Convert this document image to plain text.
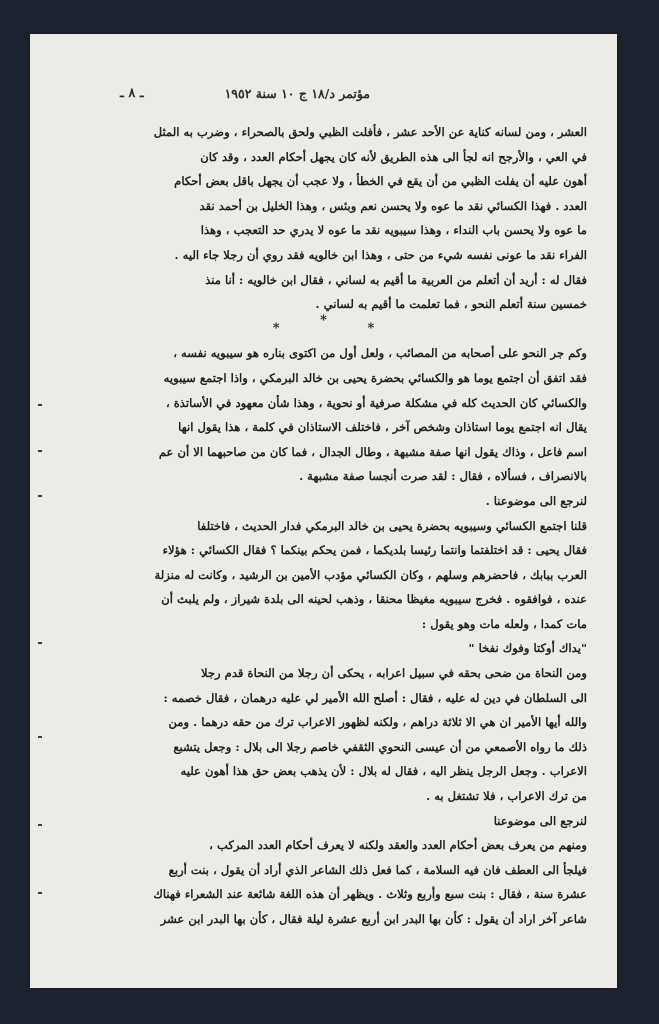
مؤتمر د/١٨ ج ١٠ سنة ١٩٥٢
ـ ٨ ـ
العشر ، ومن لسانه كناية عن الأحد عشر ، فأفلت الظبي ولحق بالصحراء ، وضرب به المثل
في العي ، والأرجح انه لجأ الى هذه الطريق لأنه كان يجهل أحكام العدد ، وقد كان
أهون عليه أن يفلت الظبي من أن يقع في الخطأ ، ولا عجب أن يجهل باقل بعض أحكام
العدد . فهذا الكسائي نقد ما عوه ولا يحسن نعم وبئس ، وهذا الخليل بن أحمد نقد
ما عوه ولا يحسن باب النداء ، وهذا سيبويه نقد ما عوه لا يدري حد التعجب ، وهذا
الفراء نقد ما عونى نفسه شيء من حتى ، وهذا ابن خالويه فقد روي أن رجلا جاء اليه .
فقال له : أريد أن أتعلم من العربية ما أقيم به لساني ، فقال ابن خالويه : أنا منذ
خمسين سنة أتعلم النحو ، فما تعلمت ما أقيم به لساني .
* * *
وكم جر النحو على أصحابه من المصائب ، ولعل أول من اكتوى بناره هو سيبويه نفسه ،
فقد اتفق أن اجتمع يوما هو والكسائي بحضرة يحيى بن خالد البرمكي ، واذا اجتمع سيبويه
والكسائي كان الحديث كله في مشكلة صرفية أو نحوية ، وهذا شأن معهود في الأساتذة ،
يقال انه اجتمع يوما استاذان وشخص آخر ، فاختلف الاستاذان في كلمة ، هذا يقول انها
اسم فاعل ، وذاك يقول انها صفة مشبهة ، وطال الجدال ، فما كان من صاحبهما الا أن عم
بالانصراف ، فسألاه ، فقال : لقد صرت أنجسا صفة مشبهة .
لنرجع الى موضوعنا .
قلنا اجتمع الكسائي وسيبويه بحضرة يحيى بن خالد البرمكي فدار الحديث ، فاختلفا
فقال يحيى : قد اختلفتما وانتما رئيسا بلديكما ، فمن يحكم بينكما ؟ فقال الكسائي : هؤلاء
العرب ببابك ، فاحضرهم وسلهم ، وكان الكسائي مؤدب الأمين بن الرشيد ، وكانت له منزلة
عنده ، فوافقوه . فخرج سيبويه مغيظا محنقا ، وذهب لحينه الى بلدة شيراز ، ولم يلبث أن
مات كمدا ، ولعله مات وهو يقول :
"يداك أوكتا وفوك نفخا "
ومن النحاة من ضحى بحقه في سبيل اعرابه ، يحكى أن رجلا من النحاة قدم رجلا
الى السلطان في دين له عليه ، فقال : أصلح الله الأمير لي عليه درهمان ، فقال خصمه :
والله أيها الأمير ان هي الا ثلاثة دراهم ، ولكنه لظهور الاعراب ترك من حقه درهما . ومن
ذلك ما رواه الأصمعي من أن عيسى النحوي الثقفي خاصم رجلا الى بلال : وجعل يتشبع
الاعراب . وجعل الرجل ينظر اليه ، فقال له بلال : لأن يذهب بعض حق هذا أهون عليه
من ترك الاعراب ، فلا تشتغل به .
لنرجع الى موضوعنا
ومنهم من يعرف بعض أحكام العدد والعقد ولكنه لا يعرف أحكام العدد المركب ،
فيلجأ الى العطف فان فيه السلامة ، كما فعل ذلك الشاعر الذي أراد أن يقول ، بنت أربع
عشرة سنة ، فقال : بنت سبع وأربع وثلاث . ويظهر أن هذه اللغة شائعة عند الشعراء فهناك
شاعر آخر اراد أن يقول : كأن بها البدر ابن أربع عشرة ليلة فقال ، كأن بها البدر ابن عشر
